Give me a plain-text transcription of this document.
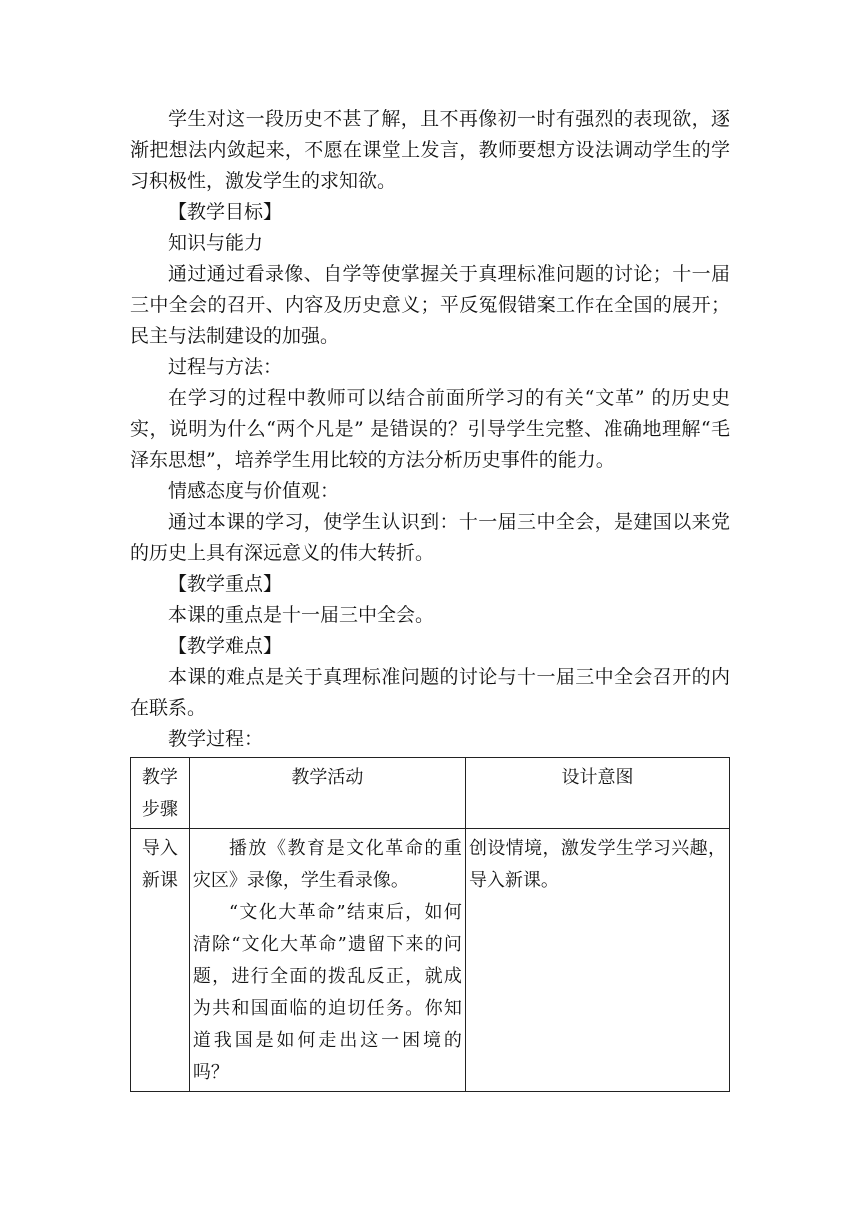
学生对这一段历史不甚了解，且不再像初一时有强烈的表现欲，逐渐把想法内敛起来，不愿在课堂上发言，教师要想方设法调动学生的学习积极性，激发学生的求知欲。

【教学目标】

知识与能力

通过通过看录像、自学等使掌握关于真理标准问题的讨论；十一届三中全会的召开、内容及历史意义；平反冤假错案工作在全国的展开；民主与法制建设的加强。

过程与方法：

在学习的过程中教师可以结合前面所学习的有关“文革” 的历史史实，说明为什么“两个凡是” 是错误的？引导学生完整、准确地理解“毛泽东思想”，培养学生用比较的方法分析历史事件的能力。

情感态度与价值观：

通过本课的学习，使学生认识到：十一届三中全会，是建国以来党的历史上具有深远意义的伟大转折。

【教学重点】

本课的重点是十一届三中全会。

【教学难点】

本课的难点是关于真理标准问题的讨论与十一届三中全会召开的内在联系。

教学过程：

教学步骤	教学活动	设计意图
导入新课	播放《教育是文化革命的重灾区》录像，学生看录像。

“文化大革命”结束后，如何清除“文化大革命”遗留下来的问题，进行全面的拨乱反正，就成为共和国面临的迫切任务。你知道我国是如何走出这一困境的吗？	创设情境，激发学生学习兴趣，导入新课。
